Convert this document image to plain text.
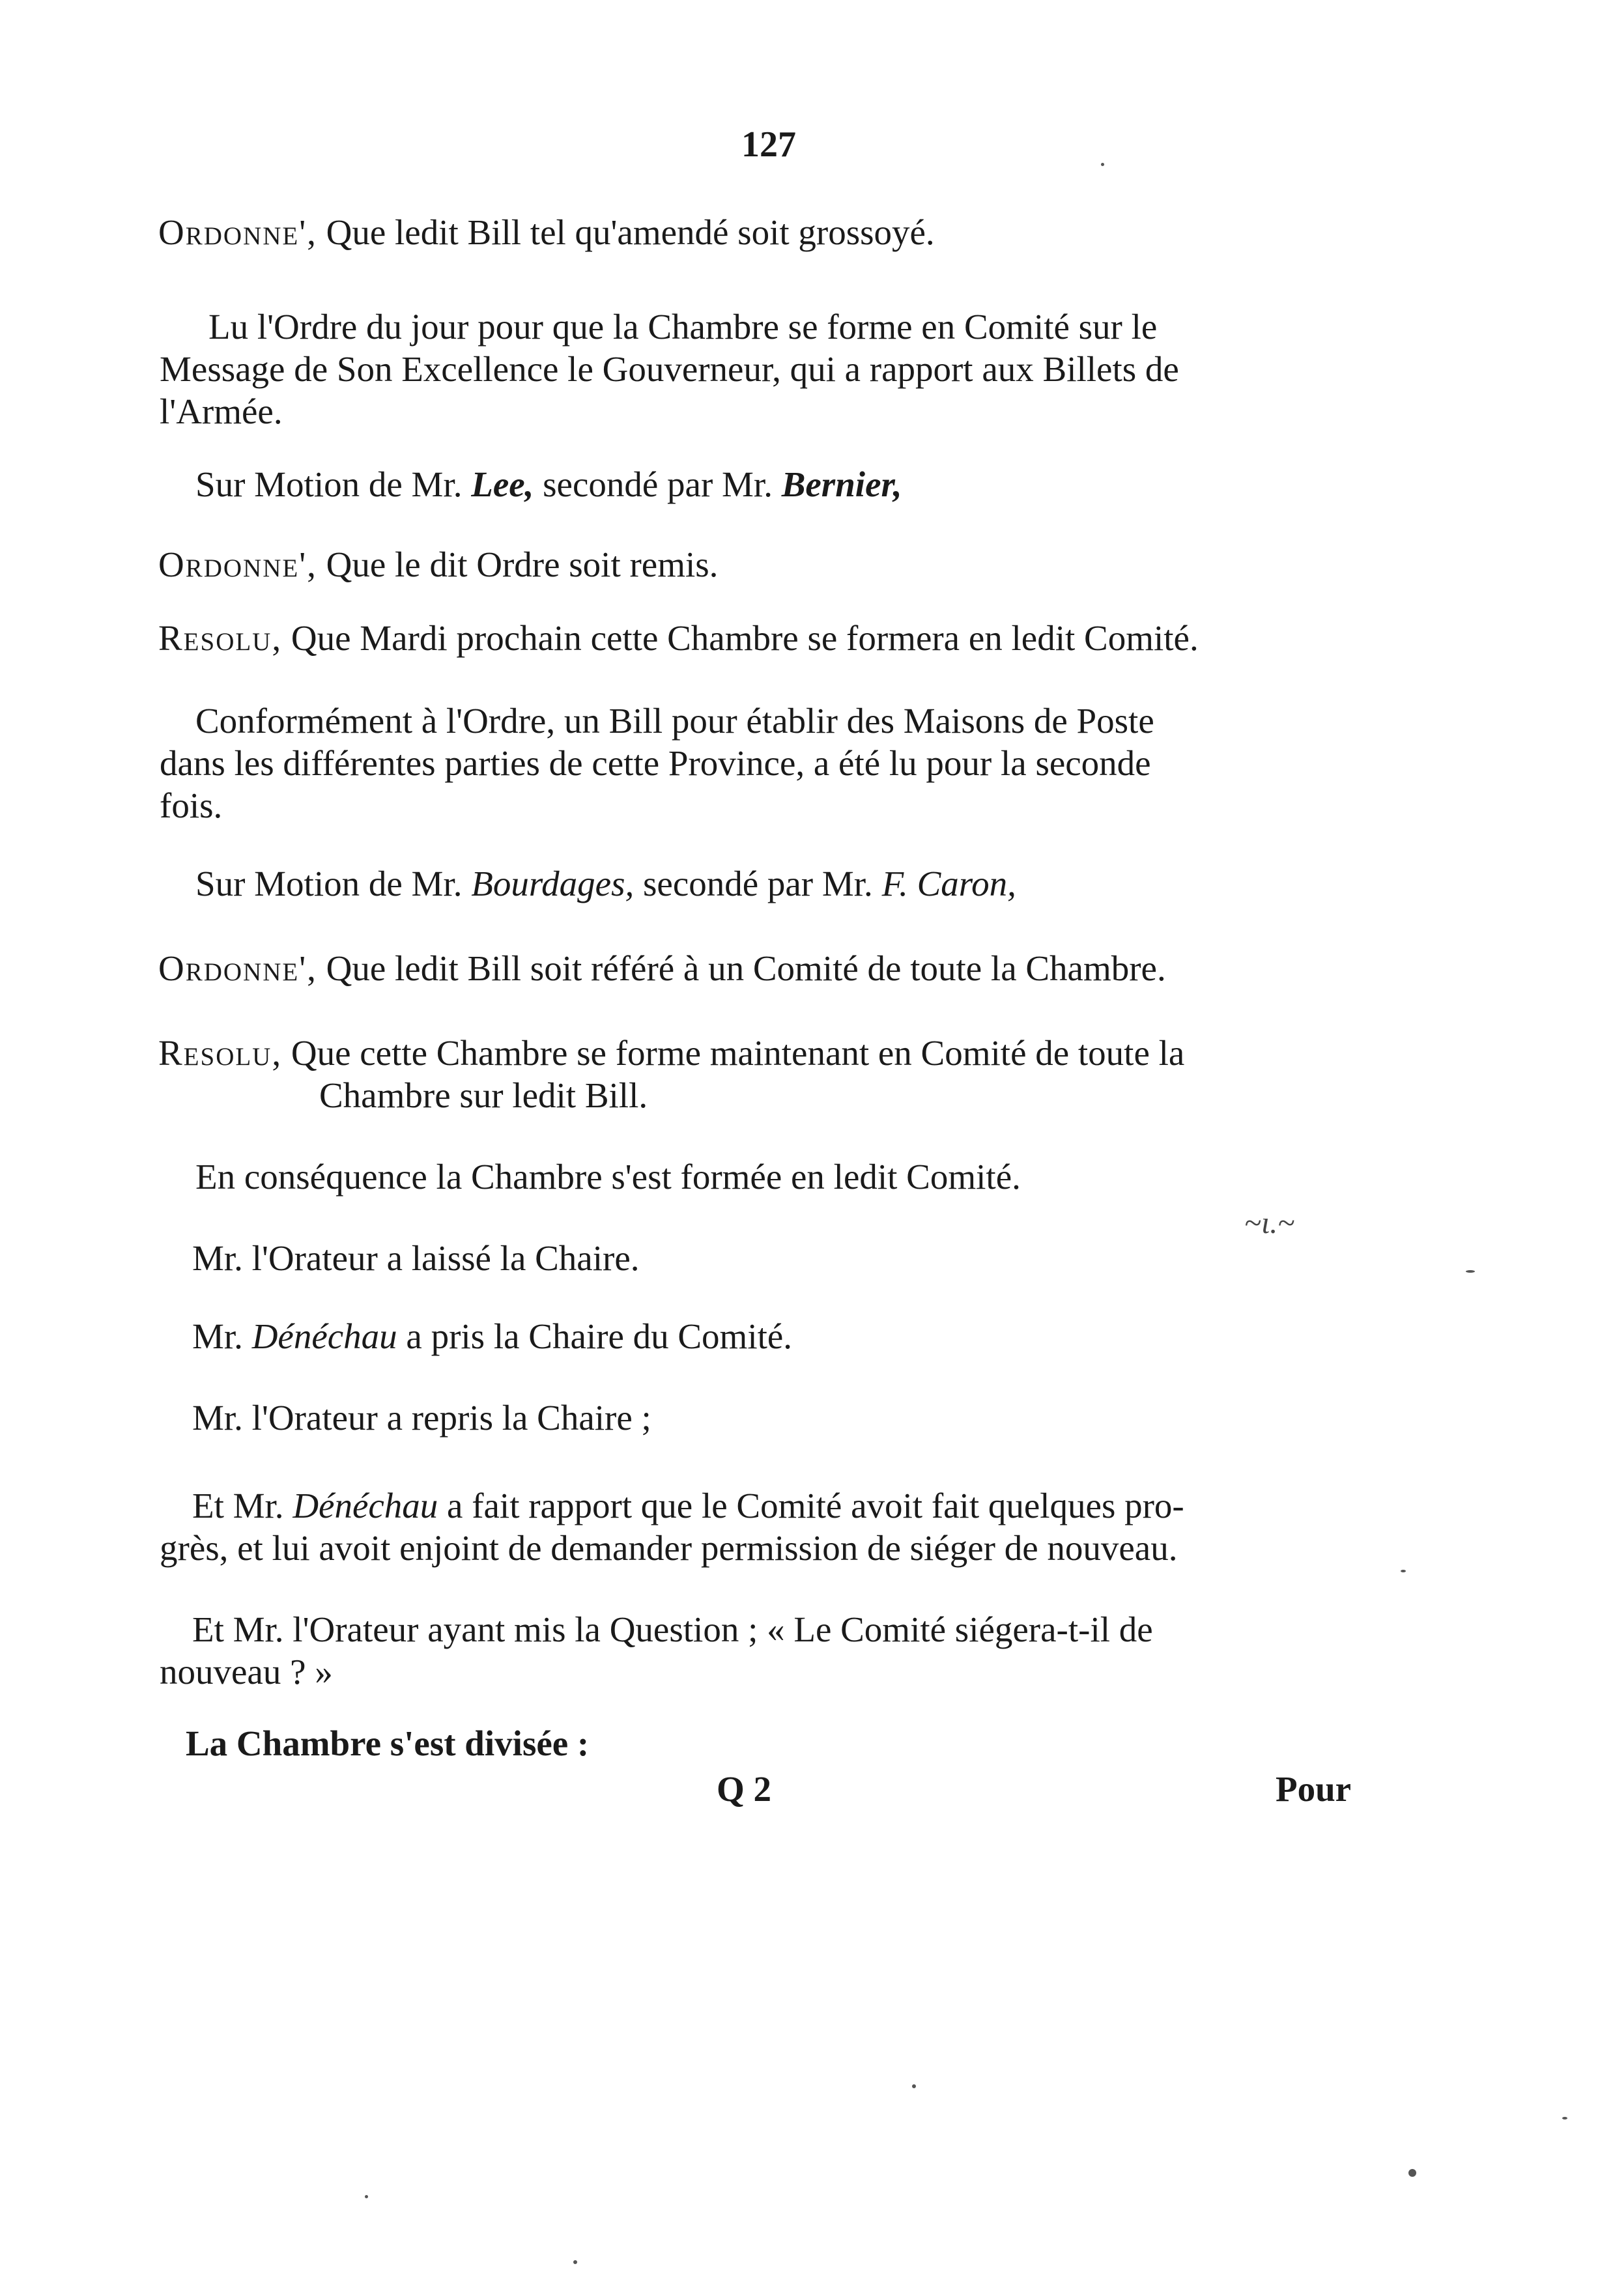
127
Ordonne', Que ledit Bill tel qu'amendé soit grossoyé.
Lu l'Ordre du jour pour que la Chambre se forme en Comité sur le
Message de Son Excellence le Gouverneur, qui a rapport aux Billets de
l'Armée.
Sur Motion de Mr. Lee, secondé par Mr. Bernier,
Ordonne', Que le dit Ordre soit remis.
Resolu, Que Mardi prochain cette Chambre se formera en ledit Comité.
Conformément à l'Ordre, un Bill pour établir des Maisons de Poste
dans les différentes parties de cette Province, a été lu pour la seconde
fois.
Sur Motion de Mr. Bourdages, secondé par Mr. F. Caron,
Ordonne', Que ledit Bill soit référé à un Comité de toute la Chambre.
Resolu, Que cette Chambre se forme maintenant en Comité de toute la
Chambre sur ledit Bill.
En conséquence la Chambre s'est formée en ledit Comité.
~ɩ.~
Mr. l'Orateur a laissé la Chaire.
Mr. Dénéchau a pris la Chaire du Comité.
Mr. l'Orateur a repris la Chaire ;
Et Mr. Dénéchau a fait rapport que le Comité avoit fait quelques pro-
grès, et lui avoit enjoint de demander permission de siéger de nouveau.
Et Mr. l'Orateur ayant mis la Question ; « Le Comité siégera-t-il de
nouveau ? »
La Chambre s'est divisée :
Q 2	Pour
